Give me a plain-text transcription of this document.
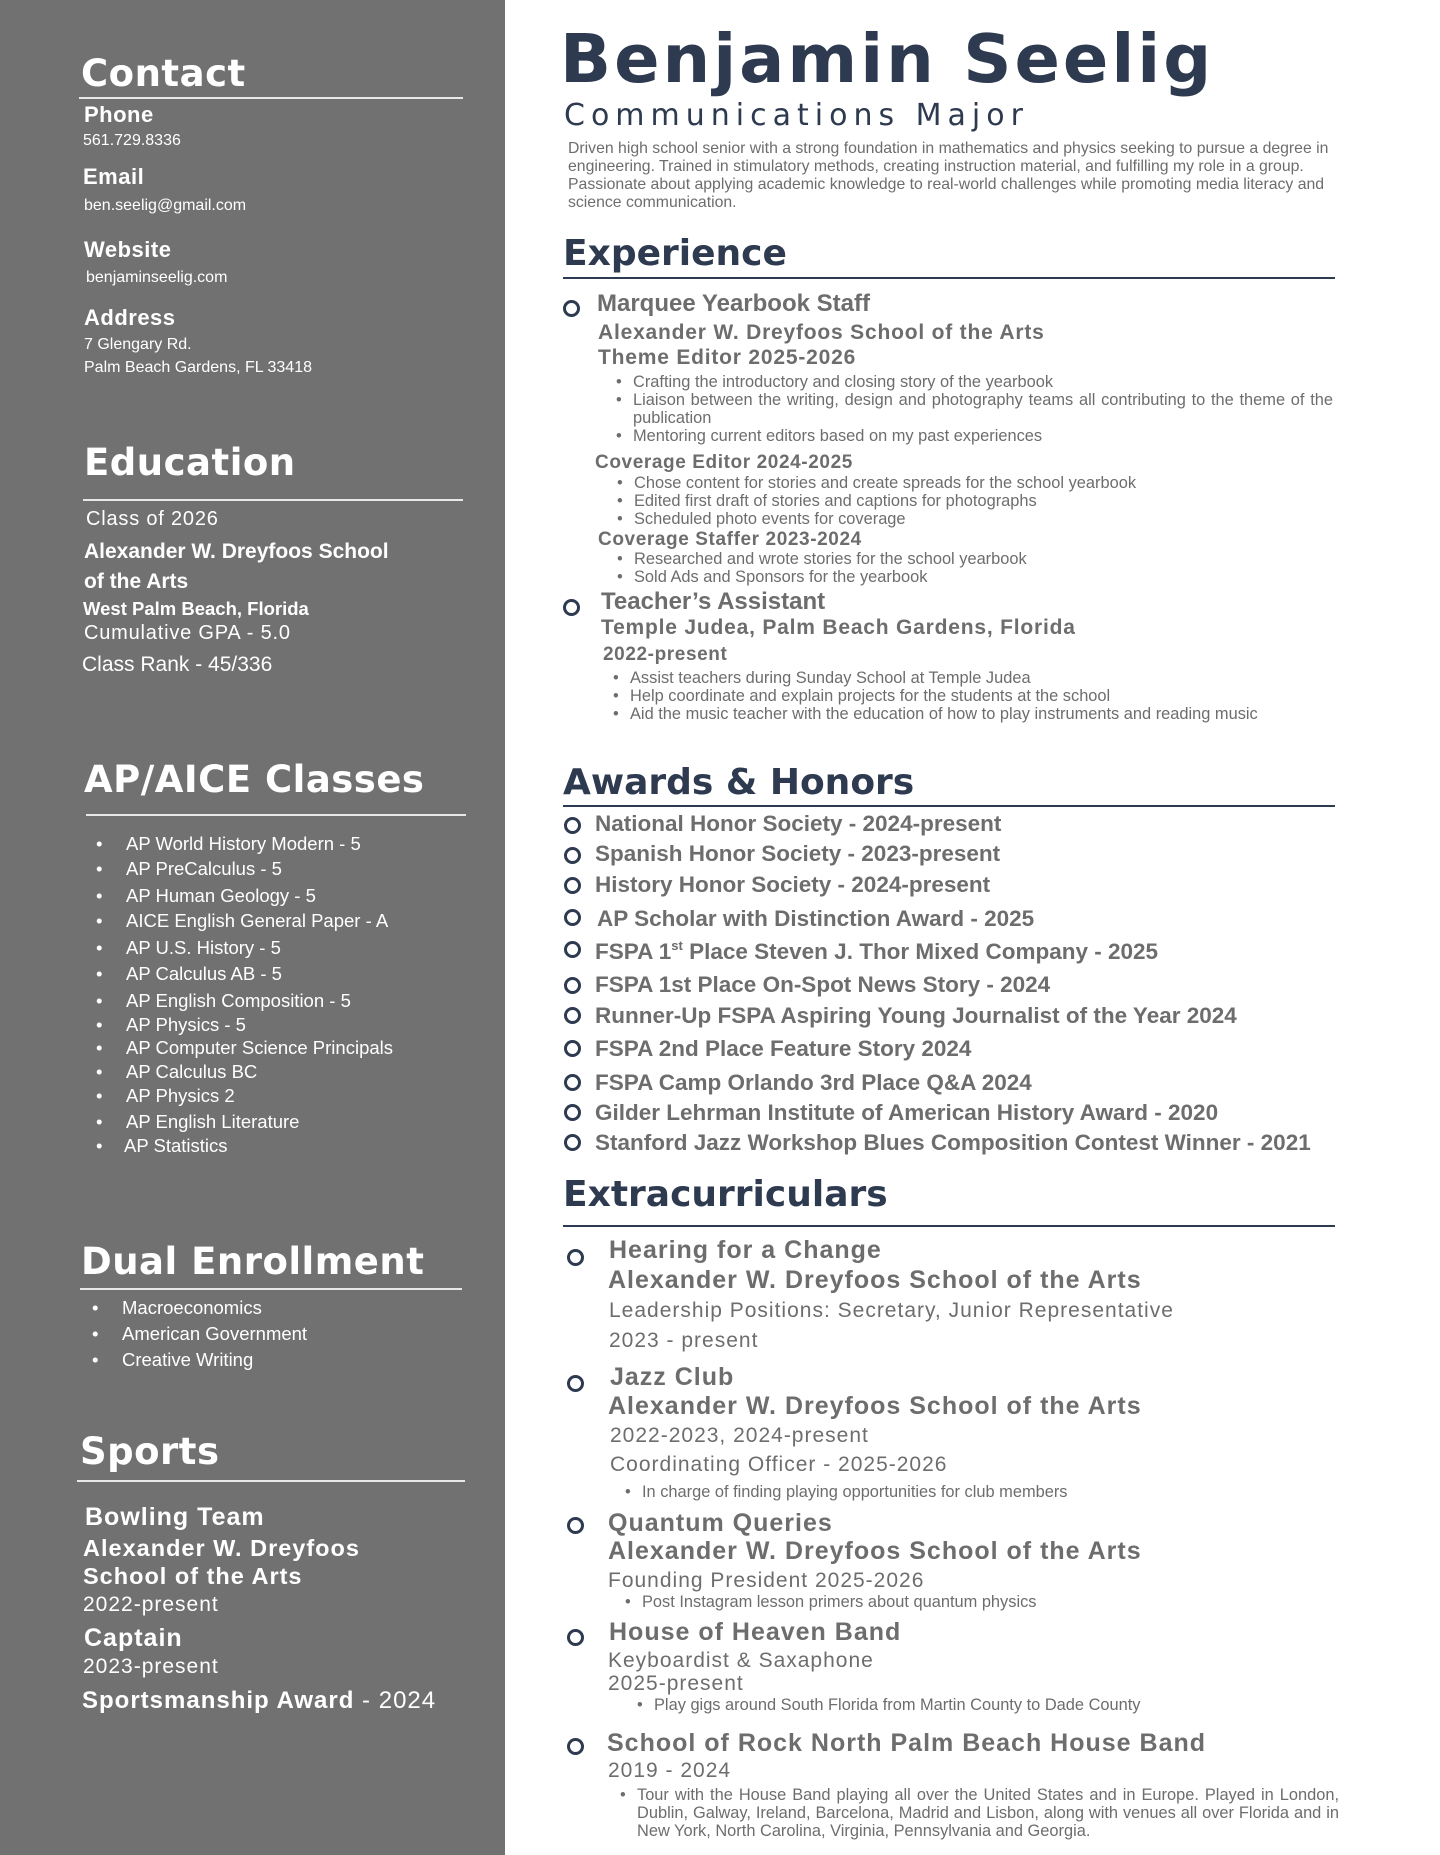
Contact
Phone
561.729.8336
Email
ben.seelig@gmail.com
Website
benjaminseelig.com
Address
7 Glengary Rd.
Palm Beach Gardens, FL 33418
Education
Class of 2026
Alexander W. Dreyfoos School
of the Arts
West Palm Beach, Florida
Cumulative GPA - 5.0
Class Rank - 45/336
AP/AICE Classes
• AP World History Modern - 5
• AP PreCalculus - 5
• AP Human Geology - 5
• AICE English General Paper - A
• AP U.S. History - 5
• AP Calculus AB - 5
• AP English Composition - 5
• AP Physics - 5
• AP Computer Science Principals
• AP Calculus BC
• AP Physics 2
• AP English Literature
• AP Statistics
Dual Enrollment
• Macroeconomics
• American Government
• Creative Writing
Sports
Bowling Team
Alexander W. Dreyfoos
School of the Arts
2022-present
Captain
2023-present
Sportsmanship Award - 2024
Benjamin Seelig
Communications Major
Driven high school senior with a strong foundation in mathematics and physics seeking to pursue a degree in engineering. Trained in stimulatory methods, creating instruction material, and fulfilling my role in a group. Passionate about applying academic knowledge to real-world challenges while promoting media literacy and science communication.
Experience
Marquee Yearbook Staff
Alexander W. Dreyfoos School of the Arts
Theme Editor 2025-2026
• Crafting the introductory and closing story of the yearbook
• Liaison between the writing, design and photography teams all contributing to the theme of the publication
• Mentoring current editors based on my past experiences
Coverage Editor 2024-2025
• Chose content for stories and create spreads for the school yearbook
• Edited first draft of stories and captions for photographs
• Scheduled photo events for coverage
Coverage Staffer 2023-2024
• Researched and wrote stories for the school yearbook
• Sold Ads and Sponsors for the yearbook
Teacher’s Assistant
Temple Judea, Palm Beach Gardens, Florida
2022-present
• Assist teachers during Sunday School at Temple Judea
• Help coordinate and explain projects for the students at the school
• Aid the music teacher with the education of how to play instruments and reading music
Awards & Honors
National Honor Society - 2024-present
Spanish Honor Society - 2023-present
History Honor Society - 2024-present
AP Scholar with Distinction Award - 2025
FSPA 1st Place Steven J. Thor Mixed Company - 2025
FSPA 1st Place On-Spot News Story - 2024
Runner-Up FSPA Aspiring Young Journalist of the Year 2024
FSPA 2nd Place Feature Story 2024
FSPA Camp Orlando 3rd Place Q&A 2024
Gilder Lehrman Institute of American History Award - 2020
Stanford Jazz Workshop Blues Composition Contest Winner - 2021
Extracurriculars
Hearing for a Change
Alexander W. Dreyfoos School of the Arts
Leadership Positions: Secretary, Junior Representative
2023 - present
Jazz Club
Alexander W. Dreyfoos School of the Arts
2022-2023, 2024-present
Coordinating Officer - 2025-2026
• In charge of finding playing opportunities for club members
Quantum Queries
Alexander W. Dreyfoos School of the Arts
Founding President 2025-2026
• Post Instagram lesson primers about quantum physics
House of Heaven Band
Keyboardist & Saxaphone
2025-present
• Play gigs around South Florida from Martin County to Dade County
School of Rock North Palm Beach House Band
2019 - 2024
• Tour with the House Band playing all over the United States and in Europe. Played in London, Dublin, Galway, Ireland, Barcelona, Madrid and Lisbon, along with venues all over Florida and in New York, North Carolina, Virginia, Pennsylvania and Georgia.
